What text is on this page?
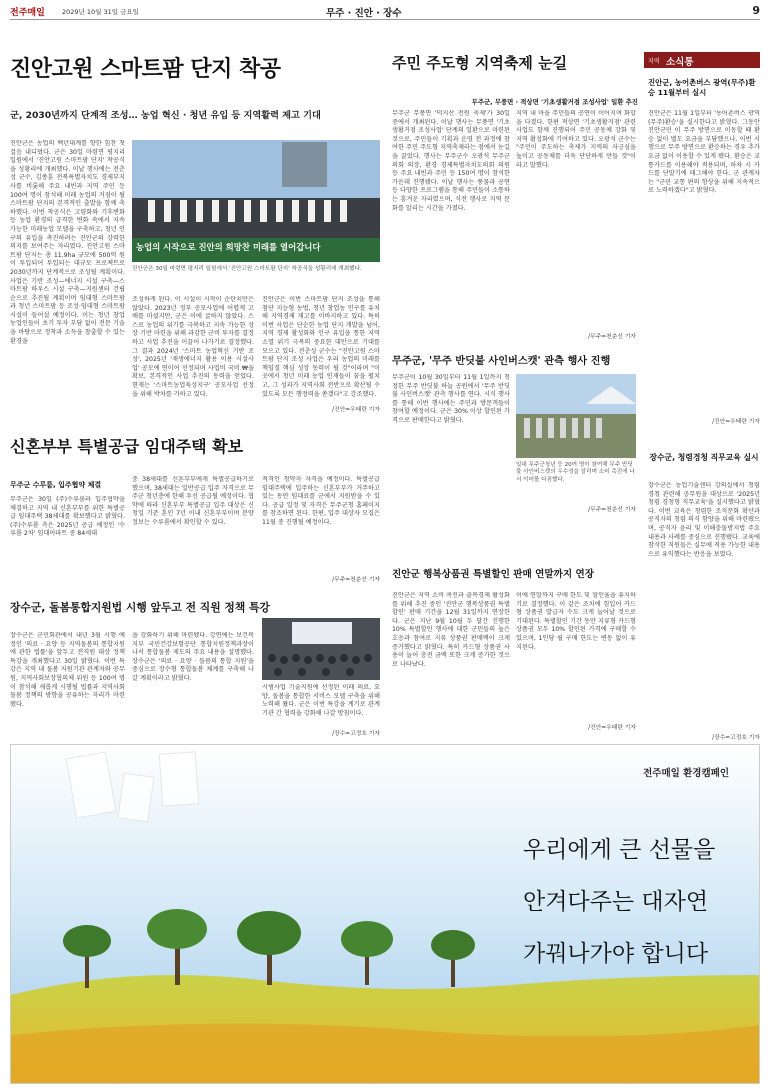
전주매일	2029년 10월 31일 금요일	무주 · 진안 · 장수	9
진안고원 스마트팜 단지 착공
군, 2030년까지 단계적 조성… 농업 혁신 · 청년 유입 등 지역활력 제고 기대
진안군은 농업의 백년대계를 향한 힘찬 첫 걸음 내디뎠다. 군은 30일 마령면 평지리 일원에서 '진안고원 스마트팜 단지' 착공식을 성황리에 개최했다. 이날 행사에는 전춘성 군수, 김종훈 전북특별자치도 경제부지사를 비롯해 주요 내빈과 지역 주민 등 100여 명이 참석해 미래 농업의 거점이 될 스마트팜 단지의 본격적인 출발을 함께 축하했다. 이번 착공식은 고령화와 기후변화 등 농업 환경의 급격한 변화 속에서 지속 가능한 미래농업 모델을 구축하고, 청년 인구의 유입을 촉진하려는 진안군의 강력한 의지를 보여주는 자리였다. 진안고원 스마트팜 단지는 총 11.9ha 규모에 500억 원이 투입되어 투입되는 대규모 프로젝트로 2030년까지 단계적으로 조성될 계획이다. 사업은 기반 조성—에너지 시설 구축—스마트팜 하우스 시설 구축—지원센터 건립 순으로 추진될 계획이며 임대형 스마트팜과 청년 스마트팜 등 조성·임대형 스마트팜 시설이 들어설 예정이다. 이는 청년 창업 농업인들이 초기 투자 부담 없이 전문 기술을 바탕으로 정착과 소득을 창출할 수 있는 환경을
농업의 시작으로 진안의 희망찬 미래를 열어갑니다
진안군은 30일 마령면 평지리 일원에서 '진안고원 스마트팜 단지' 착공식을 성황리에 개최했다.
조성하게 된다. 이 시설이 시작이 순탄치만은 않았다. 2023년 정부 공모사업에 어렵게 고배를 마셨지만, 군은 이에 굴하지 않았다. 스스로 농업의 위기를 극복하고 지속 가능한 성장 기반 마련을 위해 과감한 군비 투자를 결정하고 사업 추진을 이끌어 나가기로 결정했다. 그 결과 2024년 '스마트 농업혁신 기반 조성', 2025년 '재생에너지 활용 이용 시설사업' 공모에 연이어 선정되며 사업비 국비 ₩을 확보, 본격적인 사업 추진의 동력을 얻었다. 현재는 '스마트농업육성지구' 공모사업 선정을 위해 박차를 가하고 있다.
진안군은 이번 스마트팜 단지 조성을 통해 첨단 지능형 농법, 청년 창업농 인구를 유치해 지역경제 재고를 이바지하고 있다. 특히 이번 사업은 단순한 농업 단지 개발을 넘어, 지역 경제 활성화와 인구 유입을 통한 지역 소멸 위기 극복의 중요한 대안으로 기대를 모으고 있다. 전춘성 군수는 "진안고원 스마트팜 단지 조성 사업은 우리 농업의 미래를 책임질 핵심 성장 동력이 될 것"이라며 "이 곳에서 청년 미래 농업 인재들이 꿈을 펼치고, 그 성과가 지역사회 전반으로 확산될 수 있도록 모든 행정력을 쏟겠다"고 강조했다.
/진안=우태란 기자
주민 주도형 지역축제 눈길
무주군, 무풍면 · 적상면 '기초생활거점 조성사업' 일환 추진
무주군 무풍면 '덕지산 전원 축제'가 30일 중에서 개최된다. 이날 행사는 무풍면 '기초생활거점 조성사업' 단계의 일환으로 마련된 것으로, 주민들이 기획과 운영 전 과정에 참여한 주민 주도형 지역축제라는 점에서 눈길을 끌었다. 행사는 무주군수 오광석 무주군의회 의장, 환경 경제특별자치도의회 의원 등 주요 내빈과 주민 등 150여 명이 참석한 가운데 진행됐다. 이날 행사는 풍물과 공연 등 다양한 프로그램을 통해 주민들이 소통하는 흥겨운 자리였으며, 식전 행사로 지역 문화를 알리는 시간을 가졌다.
지역 내 마을 주민들의 공연이 이어지며 화합을 다졌다. 한편 적상면 '기초생활거점' 관련 사업도 함께 진행되어 주민 공동체 강화 및 지역 활성화에 기여하고 있다. 오광석 군수는 "주민이 주도하는 축제가 지역의 자긍심을 높이고 공동체를 더욱 단단하게 만들 것"이라고 말했다.
/무주=천춘선 기자
지역 소식통
진안군, 농어촌버스 광역(무주)환승 11월부터 실시
진안군은 11월 1일부터 '농어촌버스 광역(무주)환승'을 실시한다고 밝혔다. 그동안 진안군민 이 무주 방면으로 이동할 때 환승 없이 별도 요금을 부담했으나, 이번 시행으로 무주 방면으로 환승하는 경우 추가요금 없이 이용할 수 있게 됐다. 환승은 교통카드를 이용해야 적용되며, 하차 시 카드를 단말기에 태그해야 한다. 군 관계자는 "군민 교통 편의 향상을 위해 지속적으로 노력하겠다"고 밝혔다.
/진안=우태란 기자
장수군, 청렴경청 직무교육 실시
장수군은 농업기술센터 강의실에서 청렴경청 관련해 공무원을 대상으로 '2025년 청렴 경청형 직무교육'을 실시했다고 밝혔다. 이번 교육은 청렴한 조직문화 확산과 공직자의 청렴 의식 함양을 위해 마련됐으며, 공직자 윤리 및 이해충돌방지법 주요 내용과 사례를 중심으로 진행됐다. 교육에 참석한 직원들은 실무에 적용 가능한 내용으로 유익했다는 반응을 보였다.
/장수=고정호 기자
무주군, '무주 반딧불 사인버스캣' 관측 행사 진행
무주군이 10월 30일부터 11월 1일까지 청정한 무주 반딧불 하늘 공원에서 '무주 반딧불 사인버스캣' 관측 행사를 연다. 시식 행사를 통해 이번 행사에는 주민과 방문객들이 참여할 예정이다. 군은 30% 이상 할인된 가격으로 판매한다고 밝혔다.
일대 무주군청년 등 20여 명이 참여해 무주 반딧불 사인버스캣의 우수성을 알리며 소비 촉진에 나서 이어볼 다짐했다.
/무주=천춘선 기자
신혼부부 특별공급 임대주택 확보
무주군 수루룸, 입주협약 체결
무주군은 30일 (주)수루룸과 입주협약을 체결하고 지역 내 신혼부부를 위한 특별공급 임대주택 38세대를 확보했다고 밝혔다. (주)수루룸 측은 2025년 공급 예정인 '수루룸 2차' 임대아파트 중 84세대
중 38세대를 신혼부부에게 특별공급하기로 했으며, 38세대는 일반공급 입주 자격으로 무주군 청년층에 한해 우선 공급될 예정이다. 협약에 따라 신혼부부 특별공급 입주 대상은 신청일 기준 혼인 7년 이내 신혼부부이며 분양 정보는 수루룸에서 확인할 수 있다.
적격인 청약자 자격을 예정이다. 특별공급 임대주택에 입주하는 신혼부부가 거주하고 있는 동안 임대료를 군에서 지원받을 수 있다. 공급 일정 및 자격은 무주군청 홈페이지를 참조하면 된다. 한편, 입주 대상자 모집은 11월 중 진행될 예정이다.
/무주=천춘선 기자
장수군, 돌봄통합지원법 시행 앞두고 전 직원 정책 특강
장수군은 군민회관에서 내년 3월 시행 예정인 '의료 · 요양 등 지역돌봄의 통합지원에 관한 법률'을 앞두고 전직원 대상 정책 특강을 개최했다고 30일 밝혔다. 이번 특강은 지역 내 돌봄 지원기관 관계자와 공무원, 지역사회보장협의체 위원 등 100여 명이 참석해 새롭게 시행될 법률과 지역사회 돌봄 정책의 방향을 공유하는 자리가 마련됐다.
을 강화하기 위해 마련됐다. 강연에는 보건복지부 국민건강보험공단 통합지원정책과장이 나서 통합돌봄 제도의 주요 내용을 설명했다. 장수군은 '의료 · 요양 · 돌봄의 통합 지원'을 중심으로 장수형 통합돌봄 체계를 구축해 나갈 계획이라고 밝혔다.
시범사업 기술지원에 선정된 이래 의료, 요양, 돌봄을 통합한 서비스 모델 구축을 위해 노력해 왔다. 군은 이번 특강을 계기로 관계 기관 간 협력을 강화해 나갈 방침이다.
/장수=고정호 기자
진안군 행복상품권 특별할인 판매 연말까지 연장
진안군은 지역 소비 촉진과 골목경제 활성화를 위해 추진 중인 '진안군 행복상품권 특별할인' 판매 기간을 12월 31일까지 연장한다. 군은 지난 9월 10월 두 달간 진행한 10% 특별할인 행사에 대한 군민들의 높은 호응과 참여로 지류 상품권 판매액이 크게 증가했다고 밝혔다. 특히 카드형 상품권 사용이 늘어 충전 금액 또한 크게 증가한 것으로 나타났다.
이에 연말까지 구매 한도 및 할인율을 유지하기로 결정했다. 이 같은 조치에 힘입어 카드형 상품권 발급자 수도 크게 늘어날 것으로 기대된다. 특별할인 기간 동안 지류형 카드형 상품권 모두 10% 할인된 가격에 구매할 수 있으며, 1인당 월 구매 한도는 변동 없이 유지된다.
/진안=우태란 기자
전주매일 환경캠페인
우리에게 큰 선물을
안겨다주는 대자연
가꿔나가야 합니다
